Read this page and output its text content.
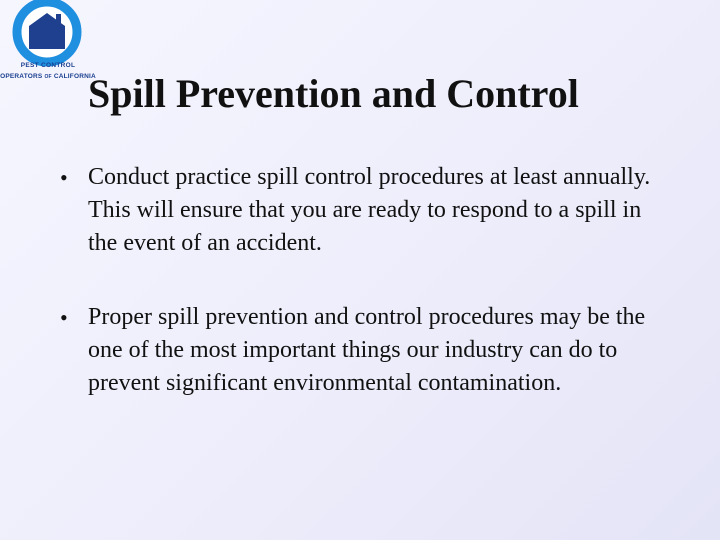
PEST CONTROL
OPERATORS OF CALIFORNIA
Spill Prevention and Control
• Conduct practice spill control procedures at least annually. This will ensure that you are ready to respond to a spill in the event of an accident.
• Proper spill prevention and control procedures may be the one of the most important things our industry can do to prevent significant environmental contamination.
